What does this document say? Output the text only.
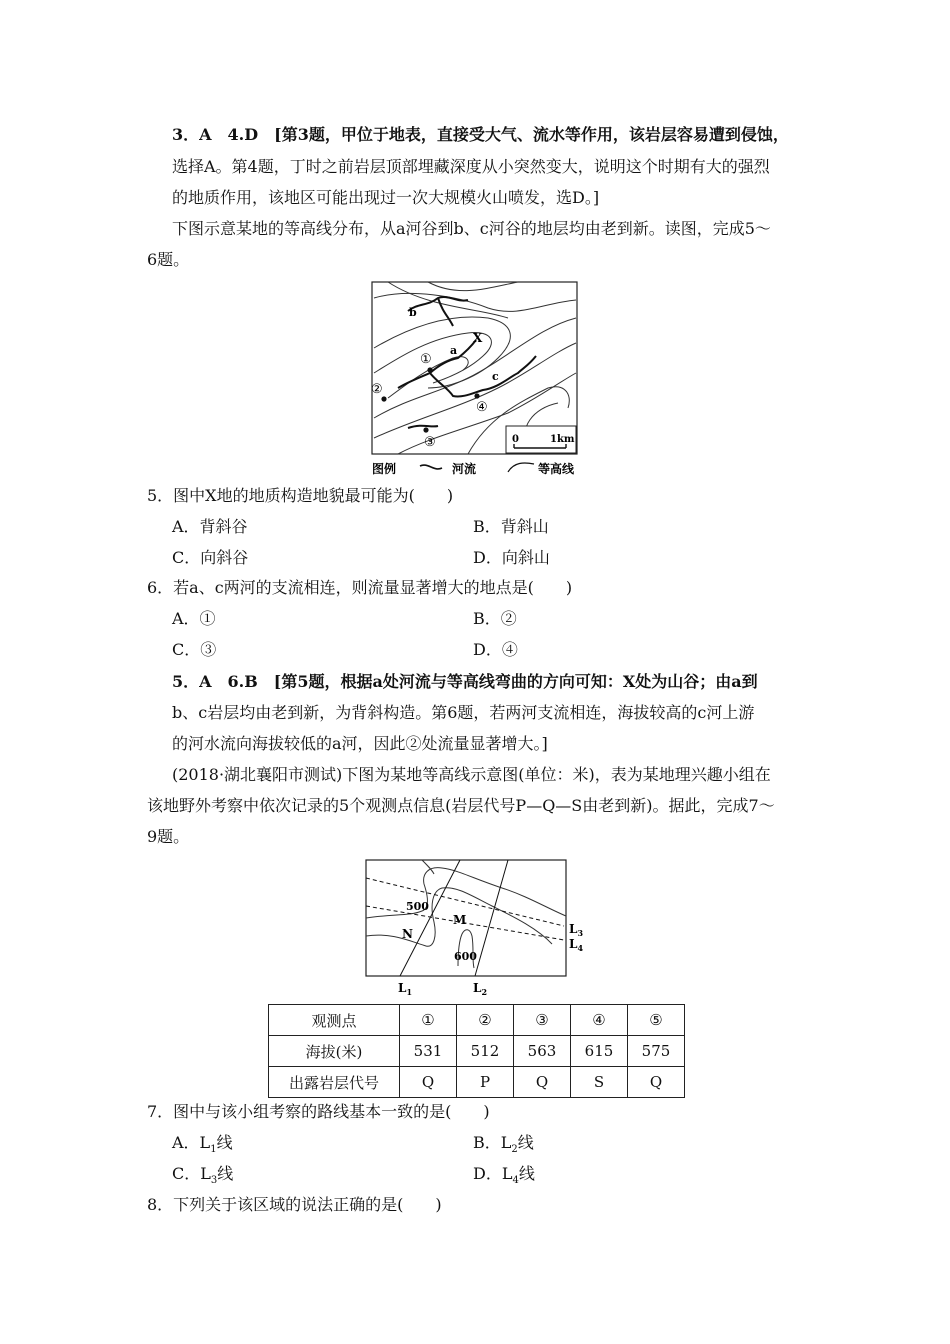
3．A　4.D　[第3题，甲位于地表，直接受大气、流水等作用，该岩层容易遭到侵蚀，
选择A。第4题，丁时之前岩层顶部埋藏深度从小突然变大，说明这个时期有大的强烈
的地质作用，该地区可能出现过一次大规模火山喷发，选D。]
下图示意某地的等高线分布，从a河谷到b、c河谷的地层均由老到新。读图，完成5～
6题。
b
a
X
c
①
②
③
④
0	1km
图例	河流	等高线
5．图中X地的地质构造地貌最可能为(　　)
A．背斜谷	B．背斜山
C．向斜谷	D．向斜山
6．若a、c两河的支流相连，则流量显著增大的地点是(　　)
A．①	B．②
C．③	D．④
5．A　6.B　[第5题，根据a处河流与等高线弯曲的方向可知：X处为山谷；由a到
b、c岩层均由老到新，为背斜构造。第6题，若两河支流相连，海拔较高的c河上游
的河水流向海拔较低的a河，因此②处流量显著增大。]
(2018·湖北襄阳市测试)下图为某地等高线示意图(单位：米)，表为某地理兴趣小组在
该地野外考察中依次记录的5个观测点信息(岩层代号P—Q—S由老到新)。据此，完成7～
9题。
500
600
M
N
$L_1$	$L_2$
$L_3$
$L_4$
观测点	①	②	③	④	⑤
海拔(米)	531	512	563	615	575
出露岩层代号	Q	P	Q	S	Q
7．图中与该小组考察的路线基本一致的是(　　)
A．$L_1$线	B．$L_2$线
C．$L_3$线	D．$L_4$线
8．下列关于该区域的说法正确的是(　　)
